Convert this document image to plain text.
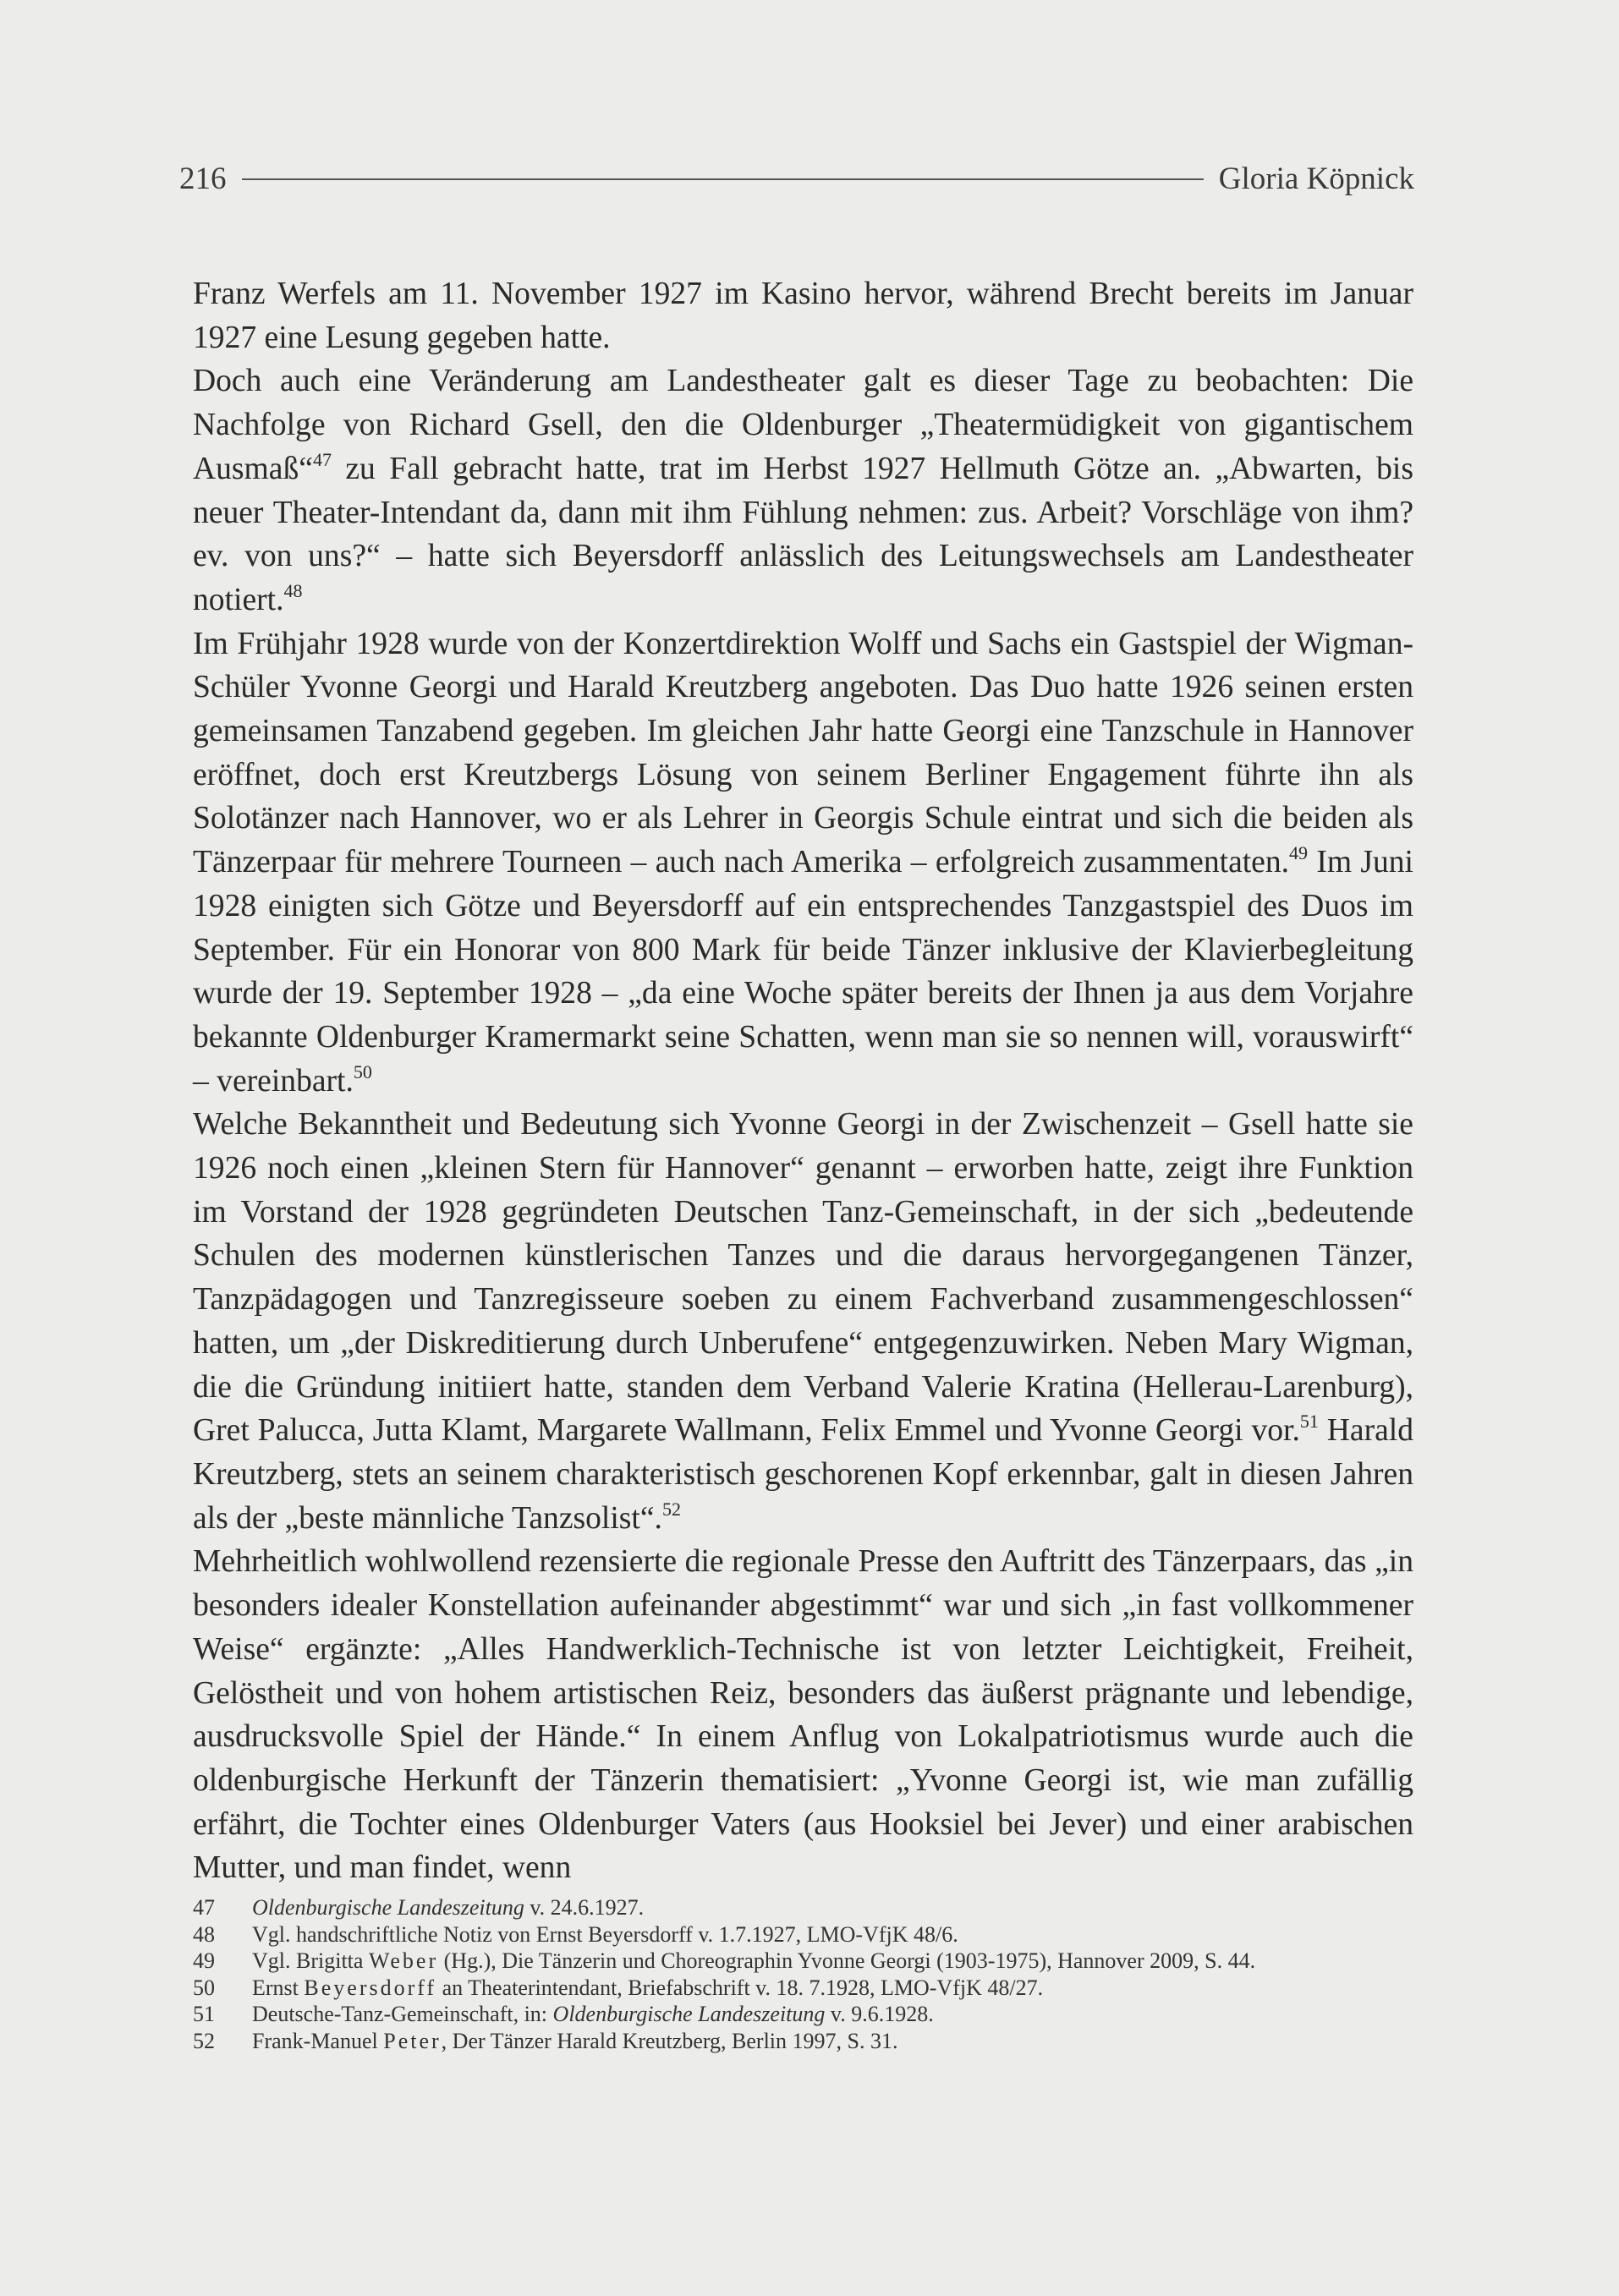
216	Gloria Köpnick

Franz Werfels am 11. November 1927 im Kasino hervor, während Brecht bereits im Januar 1927 eine Lesung gegeben hatte.

Doch auch eine Veränderung am Landestheater galt es dieser Tage zu beobachten: Die Nachfolge von Richard Gsell, den die Oldenburger „Theatermüdigkeit von gigantischem Ausmaß“$^{47}$ zu Fall gebracht hatte, trat im Herbst 1927 Hellmuth Götze an. „Abwarten, bis neuer Theater-Intendant da, dann mit ihm Fühlung nehmen: zus. Arbeit? Vorschläge von ihm? ev. von uns?“ – hatte sich Beyersdorff anlässlich des Leitungswechsels am Landestheater notiert.$^{48}$

Im Frühjahr 1928 wurde von der Konzertdirektion Wolff und Sachs ein Gastspiel der Wigman-Schüler Yvonne Georgi und Harald Kreutzberg angeboten. Das Duo hatte 1926 seinen ersten gemeinsamen Tanzabend gegeben. Im gleichen Jahr hatte Georgi eine Tanzschule in Hannover eröffnet, doch erst Kreutzbergs Lösung von seinem Berliner Engagement führte ihn als Solotänzer nach Hannover, wo er als Lehrer in Georgis Schule eintrat und sich die beiden als Tänzerpaar für mehrere Tourneen – auch nach Amerika – erfolgreich zusammentaten.$^{49}$ Im Juni 1928 einigten sich Götze und Beyersdorff auf ein entsprechendes Tanzgastspiel des Duos im September. Für ein Honorar von 800 Mark für beide Tänzer inklusive der Klavierbegleitung wurde der 19. September 1928 – „da eine Woche später bereits der Ihnen ja aus dem Vorjahre bekannte Oldenburger Kramermarkt seine Schatten, wenn man sie so nennen will, vorauswirft“ – vereinbart.$^{50}$

Welche Bekanntheit und Bedeutung sich Yvonne Georgi in der Zwischenzeit – Gsell hatte sie 1926 noch einen „kleinen Stern für Hannover“ genannt – erworben hatte, zeigt ihre Funktion im Vorstand der 1928 gegründeten Deutschen Tanz-Gemeinschaft, in der sich „bedeutende Schulen des modernen künstlerischen Tanzes und die daraus hervorgegangenen Tänzer, Tanzpädagogen und Tanzregisseure soeben zu einem Fachverband zusammengeschlossen“ hatten, um „der Diskreditierung durch Unberufene“ entgegenzuwirken. Neben Mary Wigman, die die Gründung initiiert hatte, standen dem Verband Valerie Kratina (Hellerau-Larenburg), Gret Palucca, Jutta Klamt, Margarete Wallmann, Felix Emmel und Yvonne Georgi vor.$^{51}$ Harald Kreutzberg, stets an seinem charakteristisch geschorenen Kopf erkennbar, galt in diesen Jahren als der „beste männliche Tanzsolist“.$^{52}$

Mehrheitlich wohlwollend rezensierte die regionale Presse den Auftritt des Tänzerpaars, das „in besonders idealer Konstellation aufeinander abgestimmt“ war und sich „in fast vollkommener Weise“ ergänzte: „Alles Handwerklich-Technische ist von letzter Leichtigkeit, Freiheit, Gelöstheit und von hohem artistischen Reiz, besonders das äußerst prägnante und lebendige, ausdrucksvolle Spiel der Hände.“ In einem Anflug von Lokalpatriotismus wurde auch die oldenburgische Herkunft der Tänzerin thematisiert: „Yvonne Georgi ist, wie man zufällig erfährt, die Tochter eines Oldenburger Vaters (aus Hooksiel bei Jever) und einer arabischen Mutter, und man findet, wenn

47	Oldenburgische Landeszeitung v. 24.6.1927.
48	Vgl. handschriftliche Notiz von Ernst Beyersdorff v. 1.7.1927, LMO-VfjK 48/6.
49	Vgl. Brigitta Weber (Hg.), Die Tänzerin und Choreographin Yvonne Georgi (1903-1975), Hannover 2009, S. 44.
50	Ernst Beyersdorff an Theaterintendant, Briefabschrift v. 18. 7.1928, LMO-VfjK 48/27.
51	Deutsche-Tanz-Gemeinschaft, in: Oldenburgische Landeszeitung v. 9.6.1928.
52	Frank-Manuel Peter, Der Tänzer Harald Kreutzberg, Berlin 1997, S. 31.
